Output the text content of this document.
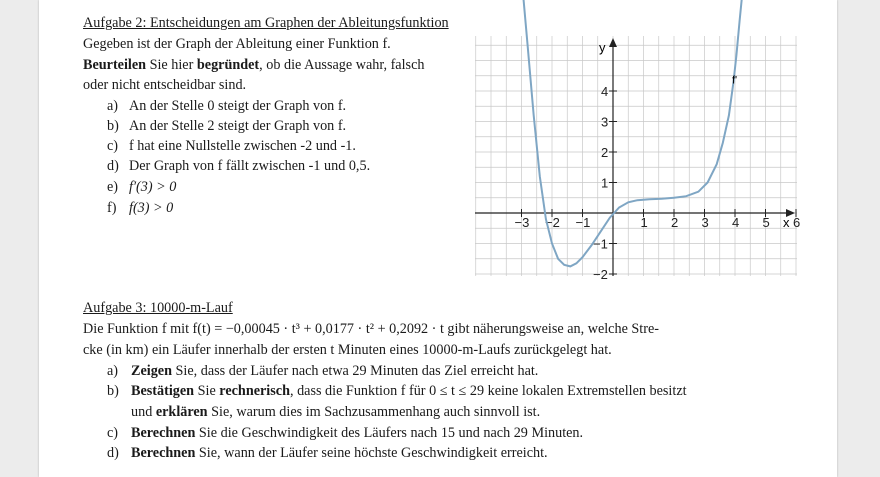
Aufgabe 2: Entscheidungen am Graphen der Ableitungsfunktion
Gegeben ist der Graph der Ableitung einer Funktion f.
Beurteilen Sie hier begründet, ob die Aussage wahr, falsch
oder nicht entscheidbar sind.
a) An der Stelle 0 steigt der Graph von f.
b) An der Stelle 2 steigt der Graph von f.
c) f hat eine Nullstelle zwischen -2 und -1.
d) Der Graph von f fällt zwischen -1 und 0,5.
e) f′(3) > 0
f) f(3) > 0
−3 −2 −1	1 2 3 4 5 6
1
2
3
4
−1
−2
y
x
f'
Aufgabe 3: 10000-m-Lauf
Die Funktion f mit f(t) = −0,00045 · t³ + 0,0177 · t² + 0,2092 · t gibt näherungsweise an, welche Stre-
cke (in km) ein Läufer innerhalb der ersten t Minuten eines 10000-m-Laufs zurückgelegt hat.
a) Zeigen Sie, dass der Läufer nach etwa 29 Minuten das Ziel erreicht hat.
b) Bestätigen Sie rechnerisch, dass die Funktion f für 0 ≤ t ≤ 29 keine lokalen Extremstellen besitzt
und erklären Sie, warum dies im Sachzusammenhang auch sinnvoll ist.
c) Berechnen Sie die Geschwindigkeit des Läufers nach 15 und nach 29 Minuten.
d) Berechnen Sie, wann der Läufer seine höchste Geschwindigkeit erreicht.
